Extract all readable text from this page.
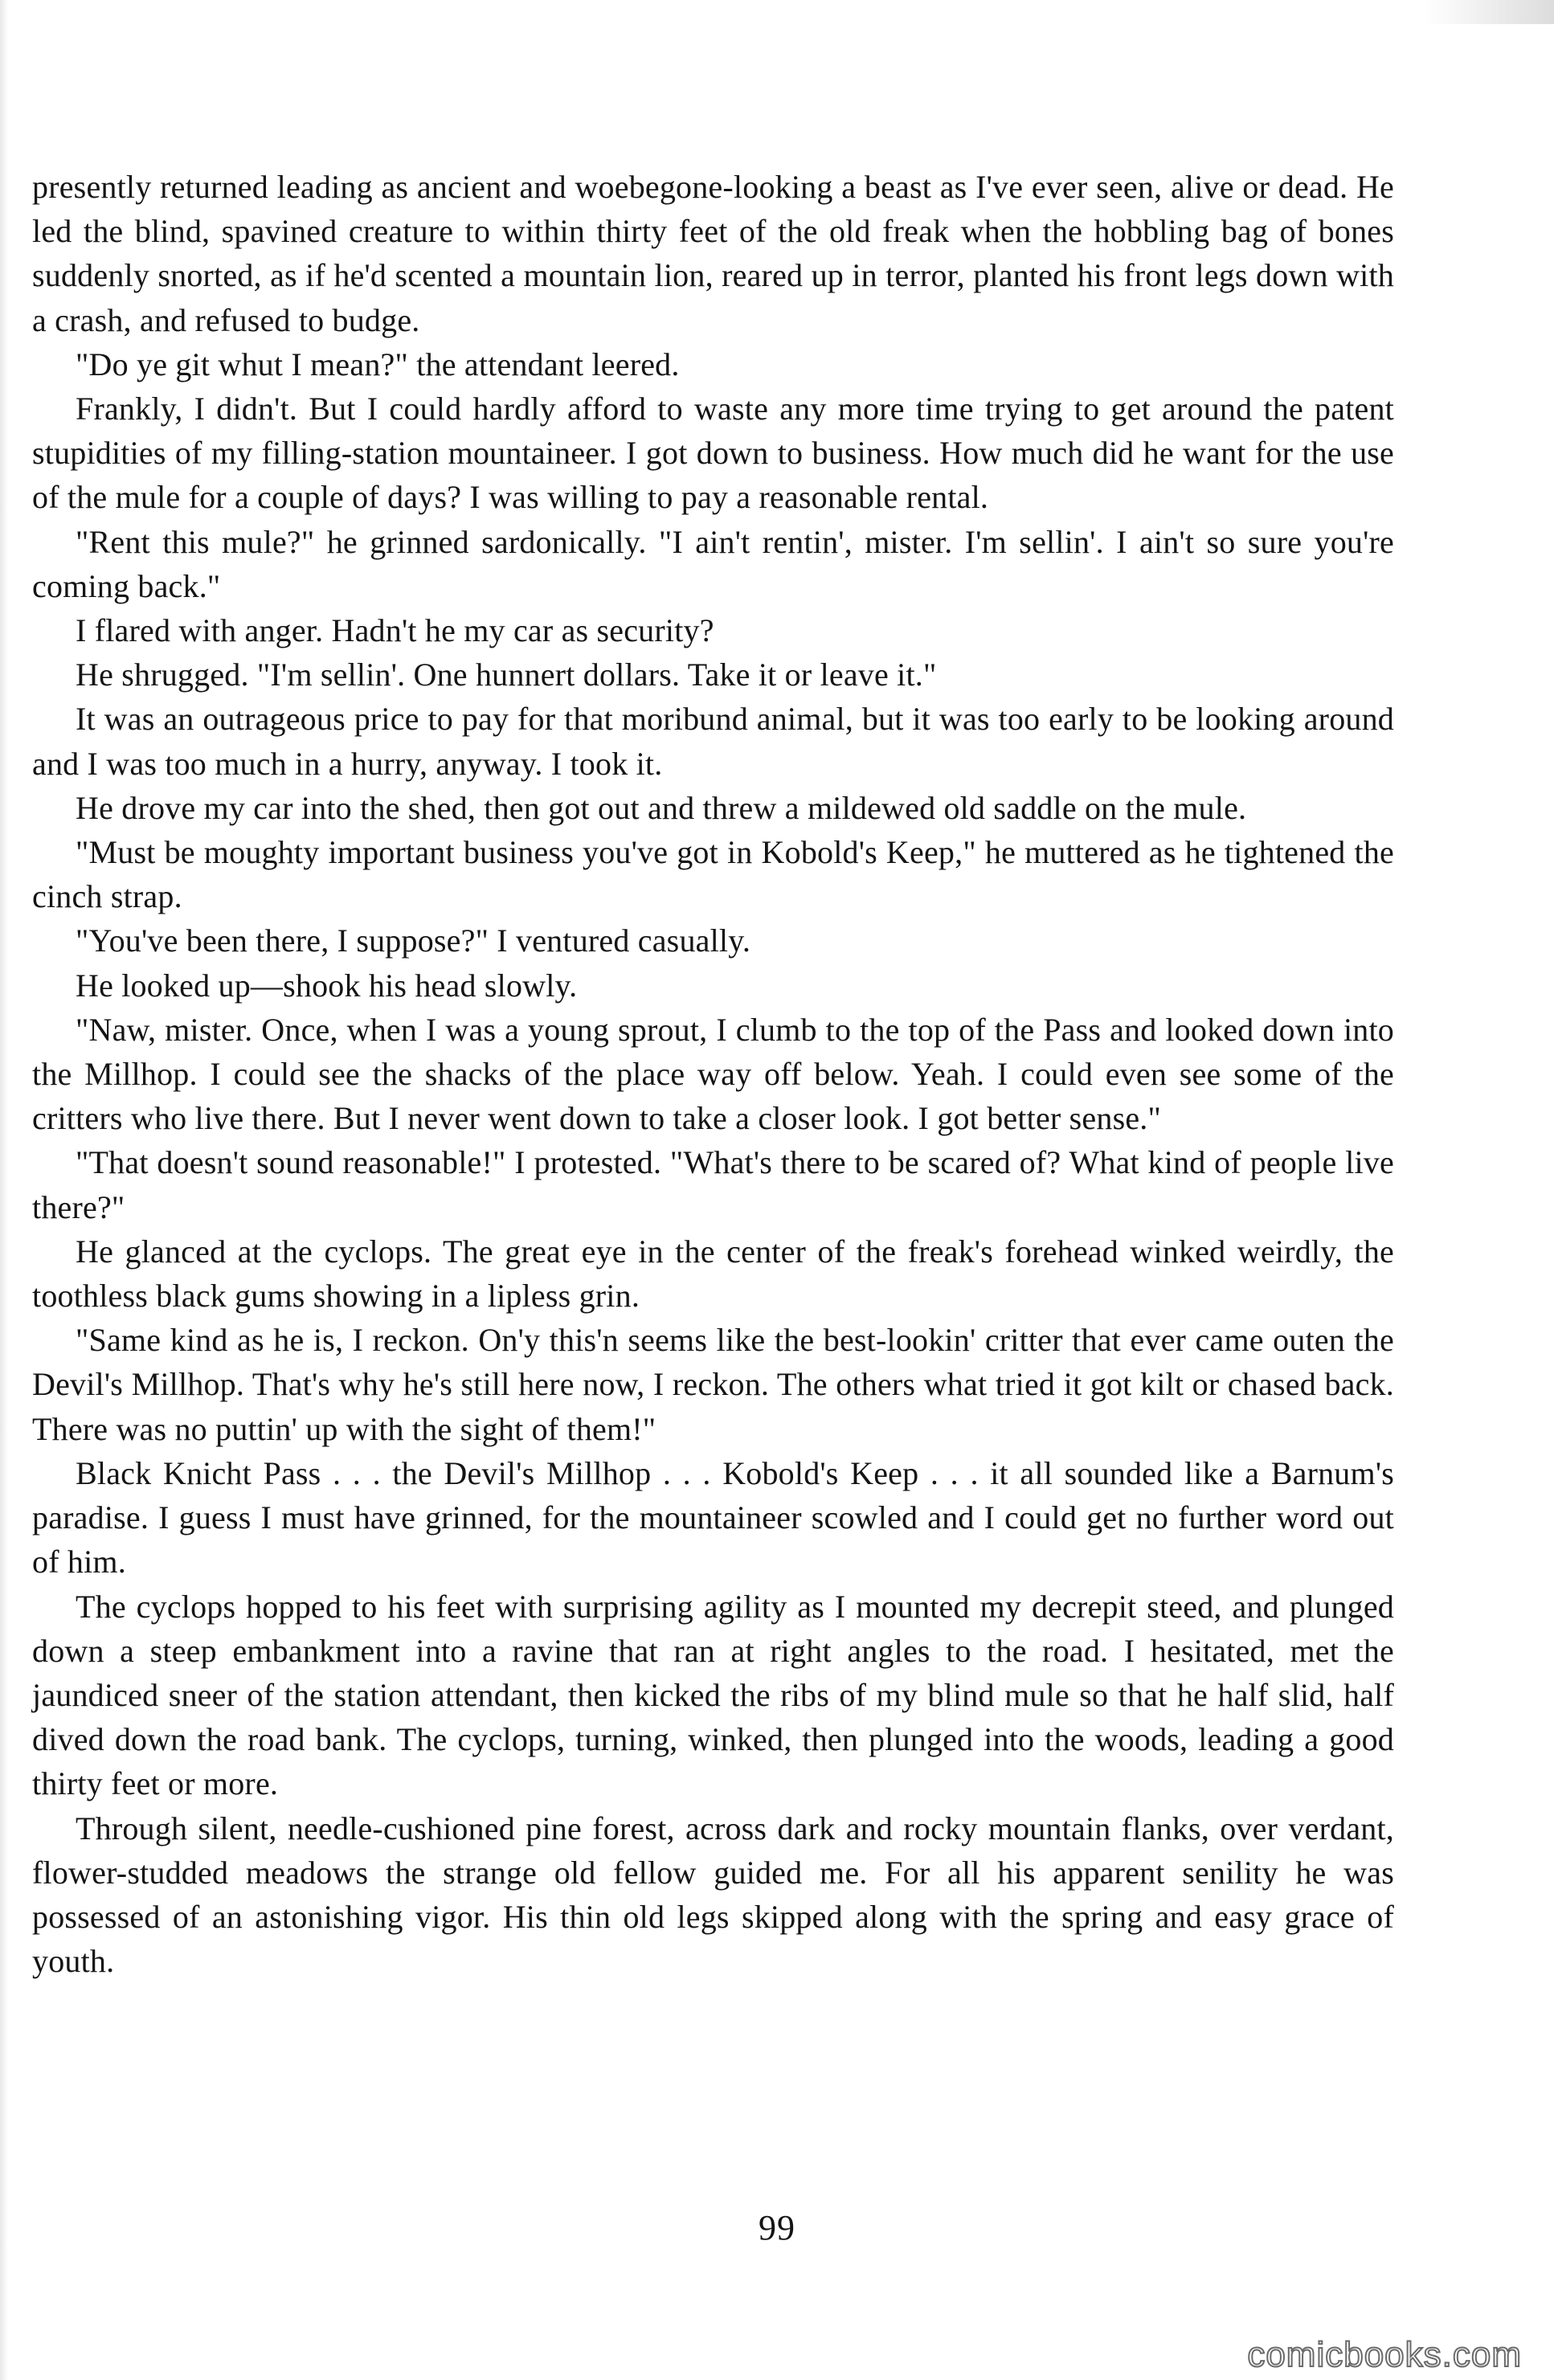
presently returned leading as ancient and woebegone-looking a beast as I've ever seen, alive or dead. He led the blind, spavined creature to within thirty feet of the old freak when the hobbling bag of bones suddenly snorted, as if he'd scented a mountain lion, reared up in terror, planted his front legs down with a crash, and refused to budge.

"Do ye git whut I mean?" the attendant leered.

Frankly, I didn't. But I could hardly afford to waste any more time trying to get around the patent stupidities of my filling-station mountaineer. I got down to business. How much did he want for the use of the mule for a couple of days? I was willing to pay a reasonable rental.

"Rent this mule?" he grinned sardonically. "I ain't rentin', mister. I'm sellin'. I ain't so sure you're coming back."

I flared with anger. Hadn't he my car as security?

He shrugged. "I'm sellin'. One hunnert dollars. Take it or leave it."

It was an outrageous price to pay for that moribund animal, but it was too early to be looking around and I was too much in a hurry, anyway. I took it.

He drove my car into the shed, then got out and threw a mildewed old saddle on the mule.

"Must be moughty important business you've got in Kobold's Keep," he muttered as he tightened the cinch strap.

"You've been there, I suppose?" I ventured casually.

He looked up—shook his head slowly.

"Naw, mister. Once, when I was a young sprout, I clumb to the top of the Pass and looked down into the Millhop. I could see the shacks of the place way off below. Yeah. I could even see some of the critters who live there. But I never went down to take a closer look. I got better sense."

"That doesn't sound reasonable!" I protested. "What's there to be scared of? What kind of people live there?"

He glanced at the cyclops. The great eye in the center of the freak's forehead winked weirdly, the toothless black gums showing in a lipless grin.

"Same kind as he is, I reckon. On'y this'n seems like the best-lookin' critter that ever came outen the Devil's Millhop. That's why he's still here now, I reckon. The others what tried it got kilt or chased back. There was no puttin' up with the sight of them!"

Black Knicht Pass . . . the Devil's Millhop . . . Kobold's Keep . . . it all sounded like a Barnum's paradise. I guess I must have grinned, for the mountaineer scowled and I could get no further word out of him.

The cyclops hopped to his feet with surprising agility as I mounted my decrepit steed, and plunged down a steep embankment into a ravine that ran at right angles to the road. I hesitated, met the jaundiced sneer of the station attendant, then kicked the ribs of my blind mule so that he half slid, half dived down the road bank. The cyclops, turning, winked, then plunged into the woods, leading a good thirty feet or more.

Through silent, needle-cushioned pine forest, across dark and rocky mountain flanks, over verdant, flower-studded meadows the strange old fellow guided me. For all his apparent senility he was possessed of an astonishing vigor. His thin old legs skipped along with the spring and easy grace of youth.

99
comicbooks.com
